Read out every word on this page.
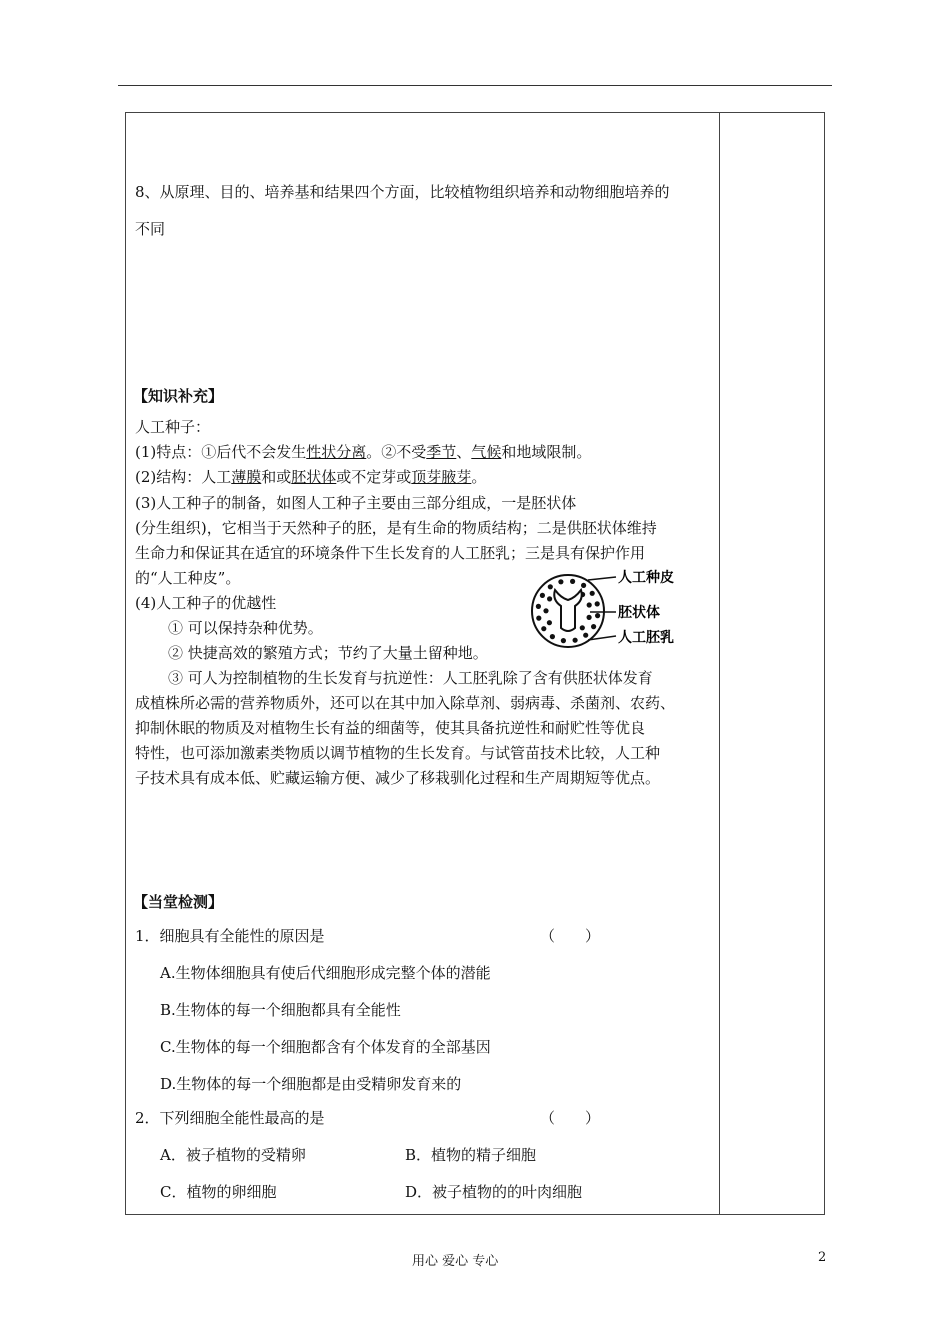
8、从原理、目的、培养基和结果四个方面，比较植物组织培养和动物细胞培养的
不同
【知识补充】
人工种子：
(1)特点：①后代不会发生性状分离。②不受季节、气候和地域限制。
(2)结构：人工薄膜和或胚状体或不定芽或顶芽腋芽。
(3)人工种子的制备，如图人工种子主要由三部分组成，一是胚状体
(分生组织)，它相当于天然种子的胚，是有生命的物质结构；二是供胚状体维持
生命力和保证其在适宜的环境条件下生长发育的人工胚乳；三是具有保护作用
的“人工种皮”。
(4)人工种子的优越性
① 可以保持杂种优势。
② 快捷高效的繁殖方式；节约了大量土留种地。
③ 可人为控制植物的生长发育与抗逆性：人工胚乳除了含有供胚状体发育
成植株所必需的营养物质外，还可以在其中加入除草剂、弱病毒、杀菌剂、农药、
抑制休眠的物质及对植物生长有益的细菌等，使其具备抗逆性和耐贮性等优良
特性，也可添加激素类物质以调节植物的生长发育。与试管苗技术比较，人工种
子技术具有成本低、贮藏运输方便、减少了移栽驯化过程和生产周期短等优点。
人工种皮
胚状体
人工胚乳
【当堂检测】
1．细胞具有全能性的原因是	（　　）
A.生物体细胞具有使后代细胞形成完整个体的潜能
B.生物体的每一个细胞都具有全能性
C.生物体的每一个细胞都含有个体发育的全部基因
D.生物体的每一个细胞都是由受精卵发育来的
2．下列细胞全能性最高的是	（　　）
A．被子植物的受精卵	B．植物的精子细胞
C．植物的卵细胞	D．被子植物的的叶肉细胞
用心 爱心 专心	2
